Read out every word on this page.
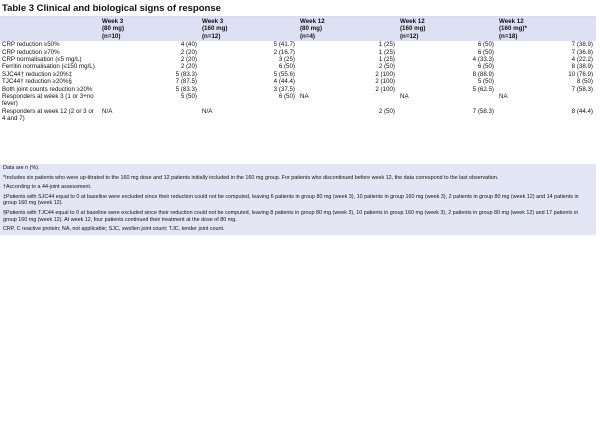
Table 3 Clinical and biological signs of response
	Week 3
(80 mg)
(n=10)	Week 3
(160 mg)
(n=12)	Week 12
(80 mg)
(n=4)	Week 12
(160 mg)
(n=12)	Week 12
(160 mg)*
(n=18)
CRP reduction ≥50%	4 (40)	5 (41.7)	1 (25)	6 (50)	7 (38.9)
CRP reduction ≥70%	2 (20)	2 (16.7)	1 (25)	6 (50)	7 (36.8)
CRP normalisation (≤5 mg/L)	2 (20)	3 (25)	1 (25)	4 (33.3)	4 (22.2)
Ferritin normalisation (≤150 mg/L)	2 (20)	6 (50)	2 (50)	6 (50)	8 (38.9)
SJC44† reduction ≥20%‡	5 (83.3)	5 (55.6)	2 (100)	8 (88.9)	10 (76.9)
TJC44† reduction ≥20%§	7 (87.5)	4 (44.4)	2 (100)	5 (50)	8 (50)
Both joint counts reduction ≥20%	5 (83.3)	3 (37.5)	2 (100)	5 (62.5)	7 (58.3)
Responders at week 3 (1 or 3+no fever)	5 (50)	6 (50)	NA	NA	NA
Responders at week 12 (2 or 3 or 4 and 7)	N/A	N/A	2 (50)	7 (58.3)	8 (44.4)

Data are n (%).

*Includes six patients who were up-titrated to the 160 mg dose and 12 patients initially included in the 160 mg group. For patients who discontinued before week 12, the data correspond to the last observation.

†According to a 44-joint assessment.

‡Patients with SJC44 equal to 0 at baseline were excluded since their reduction could not be computed, leaving 6 patients in group 80 mg (week 3), 10 patients in group 160 mg (week 3), 2 patients in group 80 mg (week 12) and 14 patients in group 160 mg (week 12).

§Patients with TJC44 equal to 0 at baseline were excluded since their reduction could not be computed, leaving 8 patients in group 80 mg (week 3), 10 patients in group 160 mg (week 3), 2 patients in group 80 mg (week 12) and 17 patients in group 160 mg (week 12). At week 12, four patients continued their treatment at the dose of 80 mg.

CRP, C reactive protein; NA, not applicable; SJC, swollen joint count; TJC, tender joint count.
